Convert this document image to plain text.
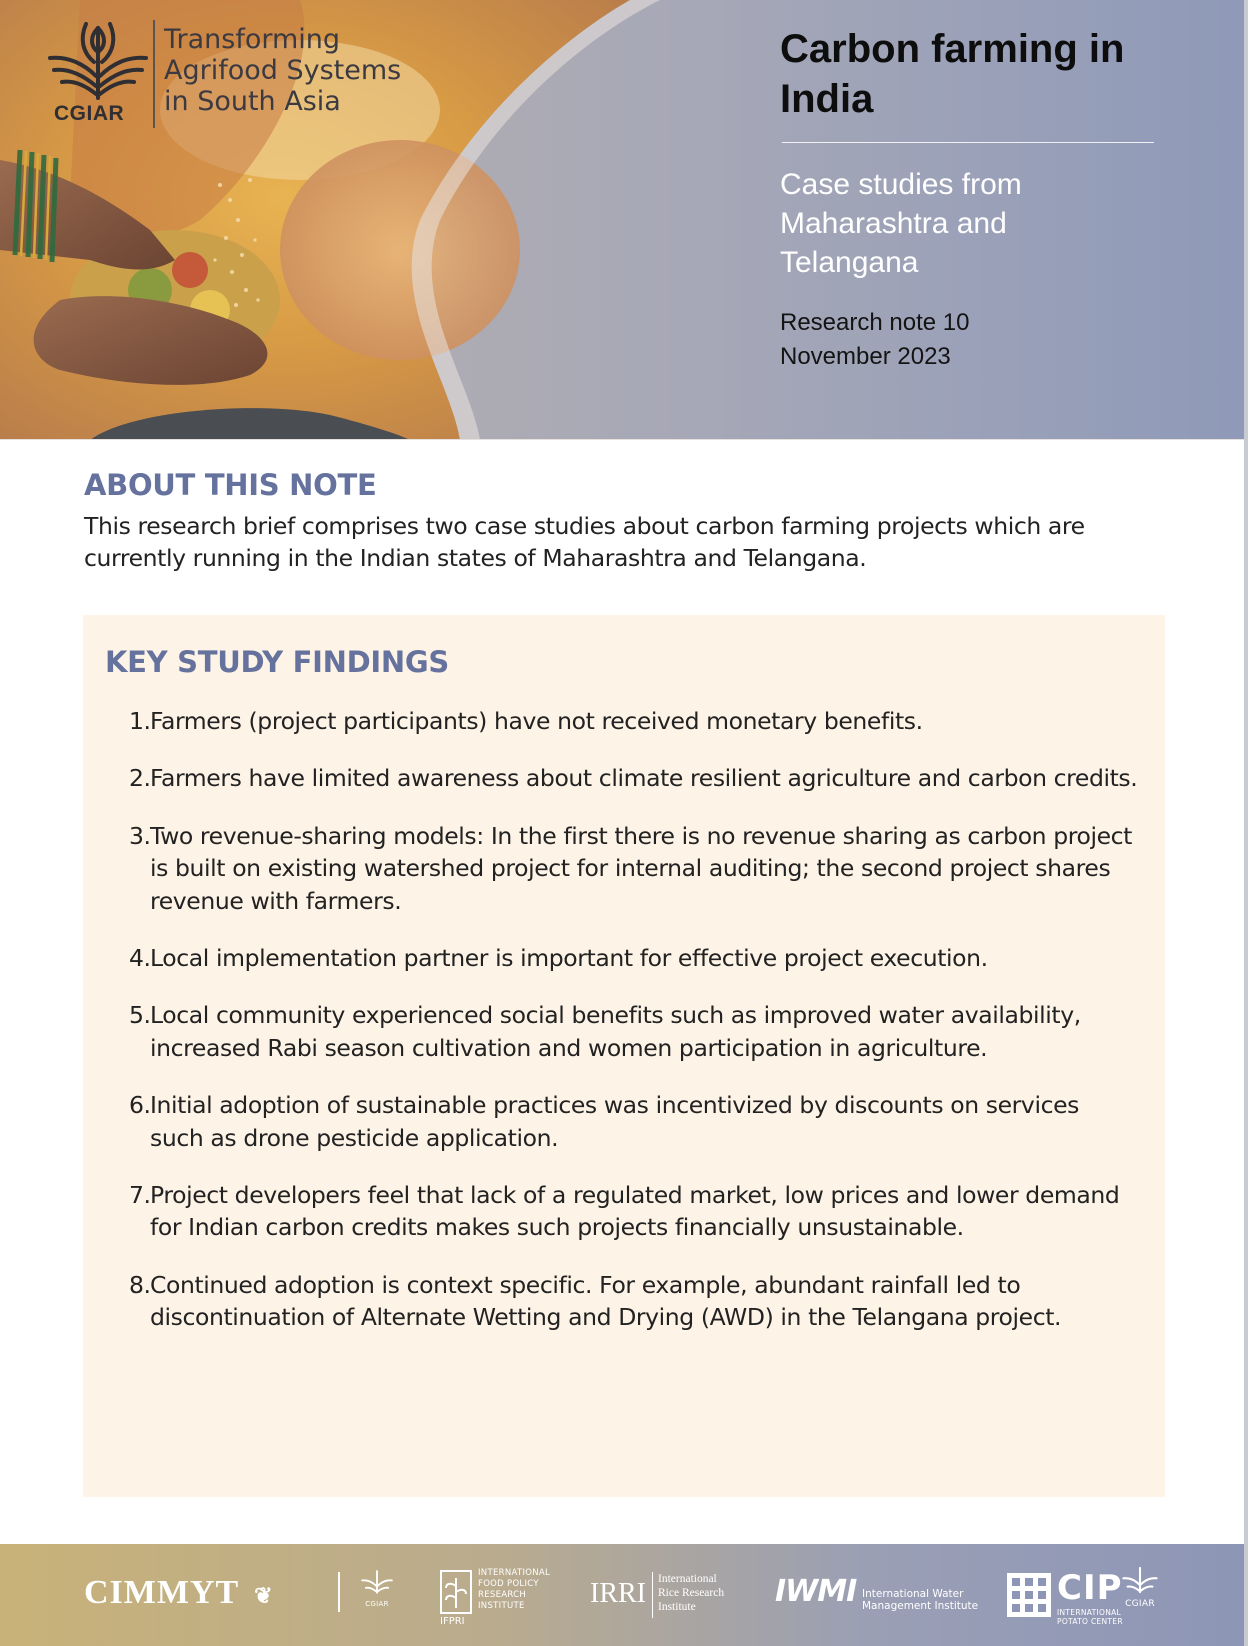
CGIAR
Transforming
Agrifood Systems
in South Asia
Carbon farming in
India

Case studies from
Maharashtra and
Telangana

Research note 10

November 2023

ABOUT THIS NOTE

This research brief comprises two case studies about carbon farming projects which are currently running in the Indian states of Maharashtra and Telangana.

KEY STUDY FINDINGS
1. Farmers (project participants) have not received monetary benefits.
2. Farmers have limited awareness about climate resilient agriculture and carbon credits.
3. Two revenue-sharing models: In the first there is no revenue sharing as carbon project is built on existing watershed project for internal auditing; the second project shares revenue with farmers.
4. Local implementation partner is important for effective project execution.
5. Local community experienced social benefits such as improved water availability, increased Rabi season cultivation and women participation in agriculture.
6. Initial adoption of sustainable practices was incentivized by discounts on services such as drone pesticide application.
7. Project developers feel that lack of a regulated market, low prices and lower demand for Indian carbon credits makes such projects financially unsustainable.
8. Continued adoption is context specific. For example, abundant rainfall led to discontinuation of Alternate Wetting and Drying (AWD) in the Telangana project.
CIMMYT ❦	CGIAR
INTERNATIONAL
FOOD POLICY
RESEARCH
INSTITUTE
IFPRI
IRRI International
Rice Research
Institute	IWMI International Water
Management Institute CIP
INTERNATIONAL
POTATO CENTER
CGIAR
